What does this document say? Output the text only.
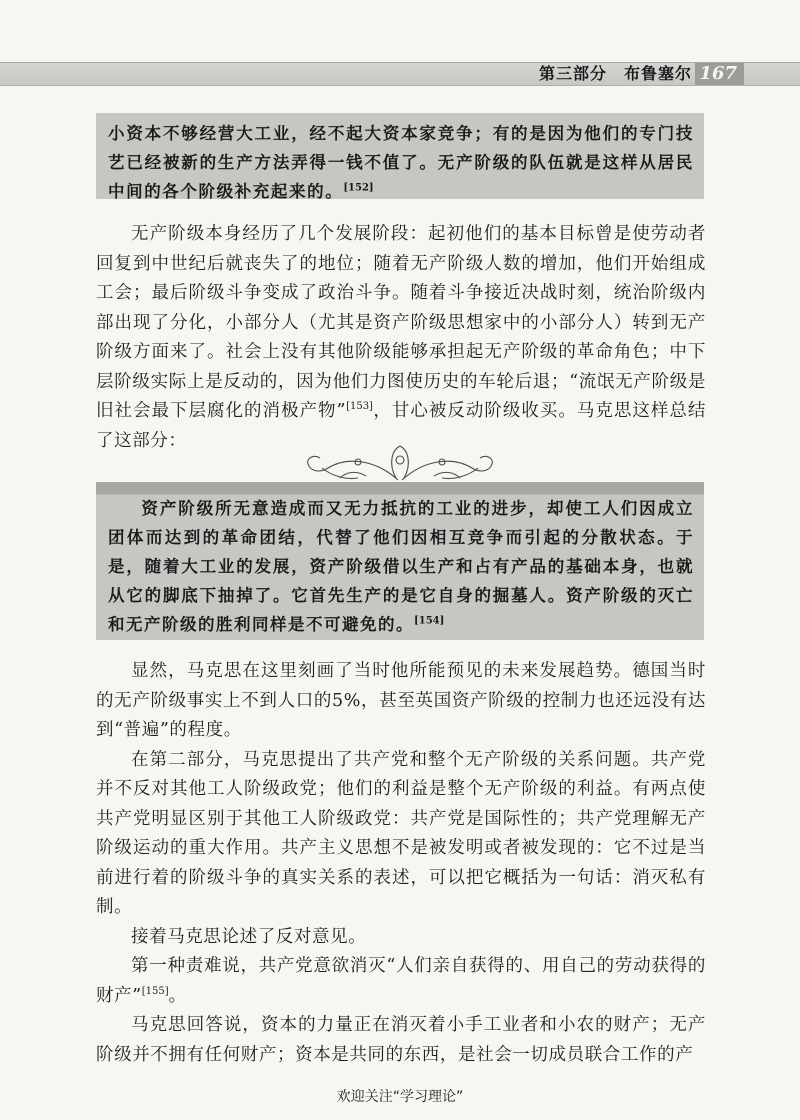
第三部分　布鲁塞尔 167
小资本不够经营大工业，经不起大资本家竞争；有的是因为他们的专门技艺已经被新的生产方法弄得一钱不值了。无产阶级的队伍就是这样从居民中间的各个阶级补充起来的。[152]

无产阶级本身经历了几个发展阶段：起初他们的基本目标曾是使劳动者回复到中世纪后就丧失了的地位；随着无产阶级人数的增加，他们开始组成工会；最后阶级斗争变成了政治斗争。随着斗争接近决战时刻，统治阶级内部出现了分化，小部分人（尤其是资产阶级思想家中的小部分人）转到无产阶级方面来了。社会上没有其他阶级能够承担起无产阶级的革命角色；中下层阶级实际上是反动的，因为他们力图使历史的车轮后退；“流氓无产阶级是旧社会最下层腐化的消极产物”[153]，甘心被反动阶级收买。马克思这样总结了这部分：

资产阶级所无意造成而又无力抵抗的工业的进步，却使工人们因成立团体而达到的革命团结，代替了他们因相互竞争而引起的分散状态。于是，随着大工业的发展，资产阶级借以生产和占有产品的基础本身，也就从它的脚底下抽掉了。它首先生产的是它自身的掘墓人。资产阶级的灭亡和无产阶级的胜利同样是不可避免的。[154]

显然，马克思在这里刻画了当时他所能预见的未来发展趋势。德国当时的无产阶级事实上不到人口的5%，甚至英国资产阶级的控制力也还远没有达到“普遍”的程度。

在第二部分，马克思提出了共产党和整个无产阶级的关系问题。共产党并不反对其他工人阶级政党；他们的利益是整个无产阶级的利益。有两点使共产党明显区别于其他工人阶级政党：共产党是国际性的；共产党理解无产阶级运动的重大作用。共产主义思想不是被发明或者被发现的：它不过是当前进行着的阶级斗争的真实关系的表述，可以把它概括为一句话：消灭私有制。

接着马克思论述了反对意见。

第一种责难说，共产党意欲消灭“人们亲自获得的、用自己的劳动获得的财产”[155]。

马克思回答说，资本的力量正在消灭着小手工业者和小农的财产；无产阶级并不拥有任何财产；资本是共同的东西，是社会一切成员联合工作的产

欢迎关注“学习理论”
